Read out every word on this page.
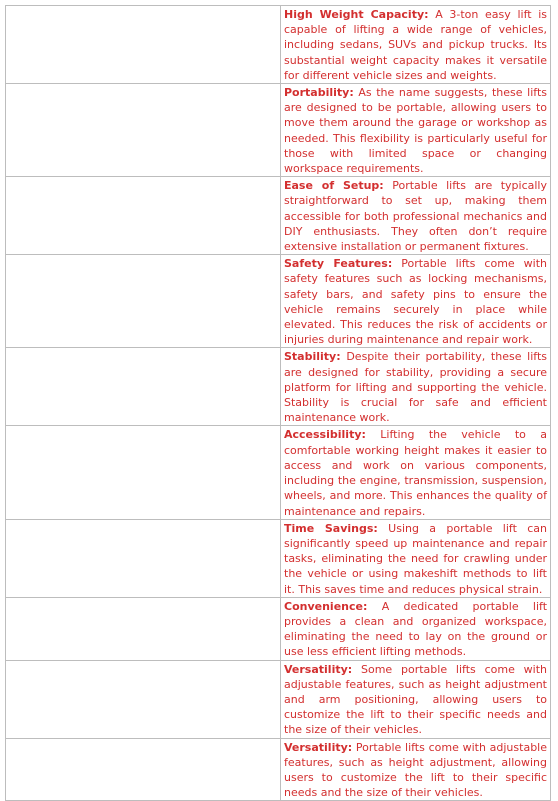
	High Weight Capacity: A 3-ton easy lift is capable of lifting a wide range of vehicles, including sedans, SUVs and pickup trucks. Its substantial weight capacity makes it versatile for different vehicle sizes and weights.
	Portability: As the name suggests, these lifts are designed to be portable, allowing users to move them around the garage or workshop as needed. This flexibility is particularly useful for those with limited space or changing workspace requirements.
	Ease of Setup: Portable lifts are typically straightforward to set up, making them accessible for both professional mechanics and DIY enthusiasts. They often don’t require extensive installation or permanent fixtures.
	Safety Features: Portable lifts come with safety features such as locking mechanisms, safety bars, and safety pins to ensure the vehicle remains securely in place while elevated. This reduces the risk of accidents or injuries during maintenance and repair work.
	Stability: Despite their portability, these lifts are designed for stability, providing a secure platform for lifting and supporting the vehicle. Stability is crucial for safe and efficient maintenance work.
	Accessibility: Lifting the vehicle to a comfortable working height makes it easier to access and work on various components, including the engine, transmission, suspension, wheels, and more. This enhances the quality of maintenance and repairs.
	Time Savings: Using a portable lift can significantly speed up maintenance and repair tasks, eliminating the need for crawling under the vehicle or using makeshift methods to lift it. This saves time and reduces physical strain.
	Convenience: A dedicated portable lift provides a clean and organized workspace, eliminating the need to lay on the ground or use less efficient lifting methods.
	Versatility: Some portable lifts come with adjustable features, such as height adjustment and arm positioning, allowing users to customize the lift to their specific needs and the size of their vehicles.
	Versatility: Portable lifts come with adjustable features, such as height adjustment, allowing users to customize the lift to their specific needs and the size of their vehicles.
